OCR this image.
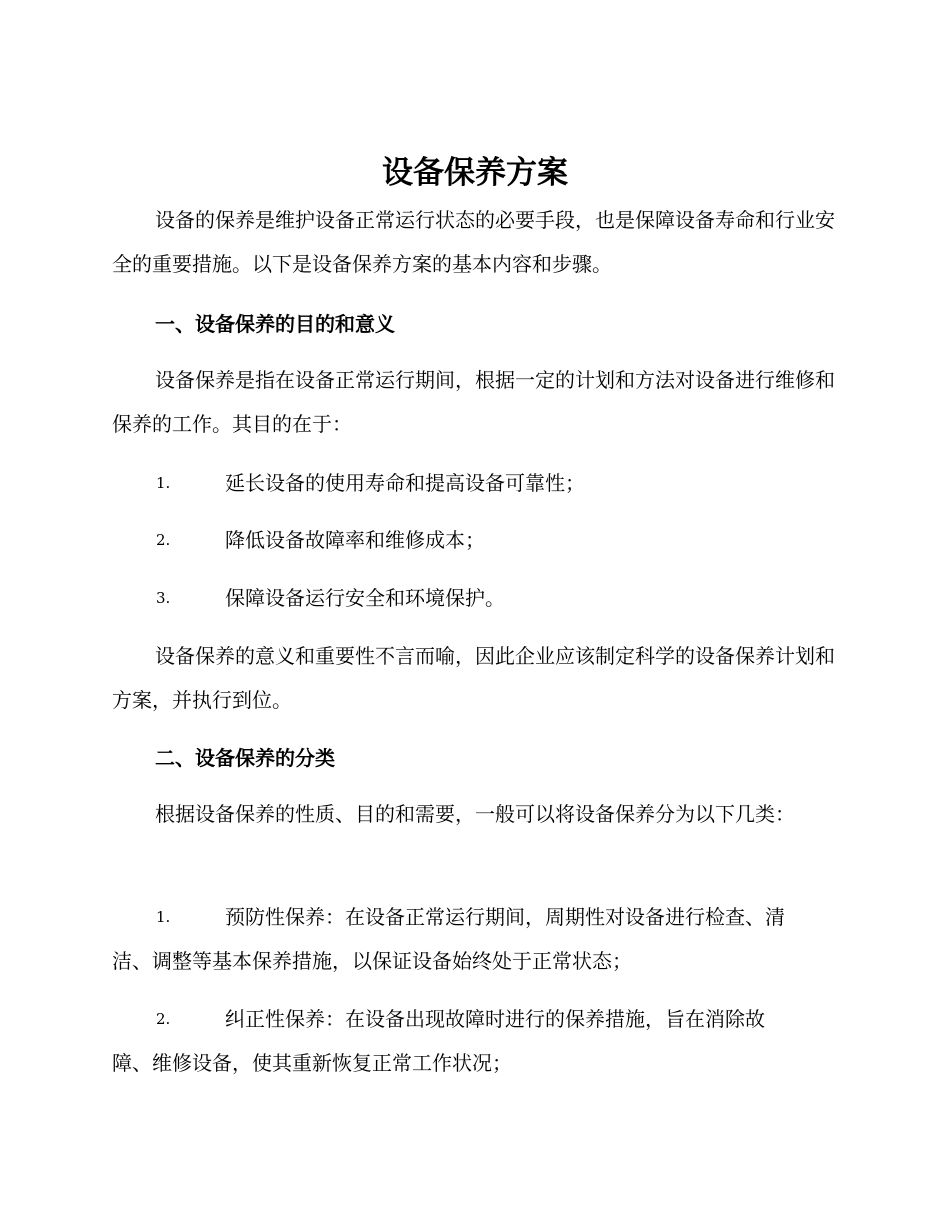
设备保养方案

设备的保养是维护设备正常运行状态的必要手段，也是保障设备寿命和行业安全的重要措施。以下是设备保养方案的基本内容和步骤。

一、设备保养的目的和意义

设备保养是指在设备正常运行期间，根据一定的计划和方法对设备进行维修和保养的工作。其目的在于：

1.	延长设备的使用寿命和提高设备可靠性；
2.	降低设备故障率和维修成本；
3.	保障设备运行安全和环境保护。

设备保养的意义和重要性不言而喻，因此企业应该制定科学的设备保养计划和方案，并执行到位。

二、设备保养的分类

根据设备保养的性质、目的和需要，一般可以将设备保养分为以下几类：

1.	预防性保养：在设备正常运行期间，周期性对设备进行检查、清
洁、调整等基本保养措施，以保证设备始终处于正常状态；
2.	纠正性保养：在设备出现故障时进行的保养措施，旨在消除故
障、维修设备，使其重新恢复正常工作状况；
